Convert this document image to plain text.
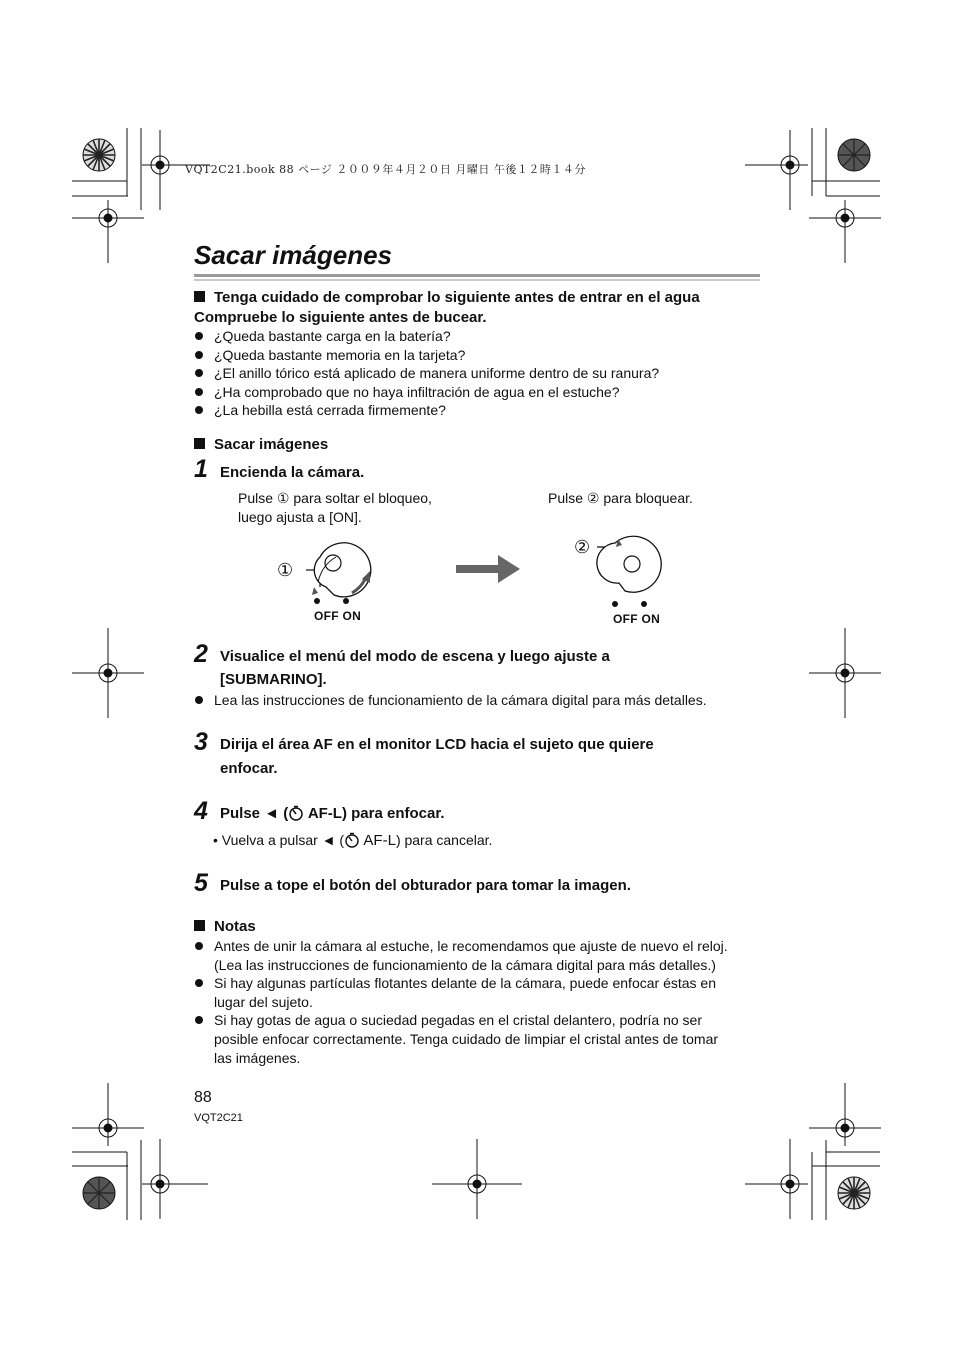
VQT2C21.book 88 ページ ２００９年４月２０日 月曜日 午後１２時１４分
Sacar imágenes
Tenga cuidado de comprobar lo siguiente antes de entrar en el agua
Compruebe lo siguiente antes de bucear.
¿Queda bastante carga en la batería?
¿Queda bastante memoria en la tarjeta?
¿El anillo tórico está aplicado de manera uniforme dentro de su ranura?
¿Ha comprobado que no haya infiltración de agua en el estuche?
¿La hebilla está cerrada firmemente?
Sacar imágenes
1 Encienda la cámara.
Pulse ① para soltar el bloqueo,
luego ajusta a [ON].
Pulse ② para bloquear.
①
OFF ON
②
OFF ON
2 Visualice el menú del modo de escena y luego ajuste a
[SUBMARINO].
Lea las instrucciones de funcionamiento de la cámara digital para más detalles.
3 Dirija el área AF en el monitor LCD hacia el sujeto que quiere
enfocar.
4 Pulse ◄ ( AF-L) para enfocar.
• Vuelva a pulsar ◄ ( AF-L) para cancelar.
5 Pulse a tope el botón del obturador para tomar la imagen.
Notas
Antes de unir la cámara al estuche, le recomendamos que ajuste de nuevo el reloj.
(Lea las instrucciones de funcionamiento de la cámara digital para más detalles.)
Si hay algunas partículas flotantes delante de la cámara, puede enfocar éstas en
lugar del sujeto.
Si hay gotas de agua o suciedad pegadas en el cristal delantero, podría no ser
posible enfocar correctamente. Tenga cuidado de limpiar el cristal antes de tomar
las imágenes.
88
VQT2C21
